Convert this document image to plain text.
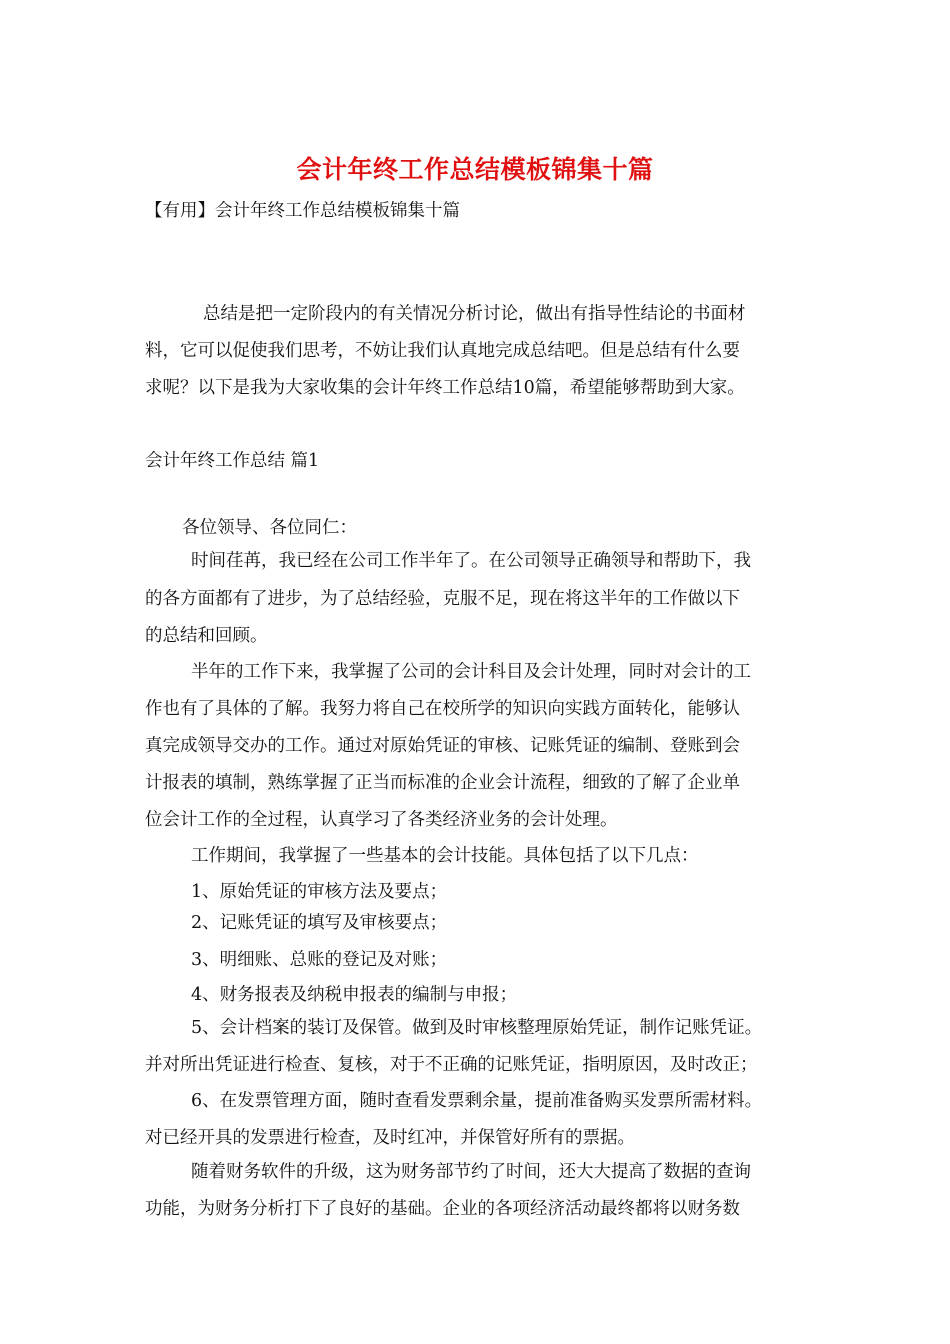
会计年终工作总结模板锦集十篇
【有用】会计年终工作总结模板锦集十篇
总结是把一定阶段内的有关情况分析讨论，做出有指导性结论的书面材
料，它可以促使我们思考，不妨让我们认真地完成总结吧。但是总结有什么要
求呢？以下是我为大家收集的会计年终工作总结10篇，希望能够帮助到大家。
会计年终工作总结 篇1
各位领导、各位同仁：
时间荏苒，我已经在公司工作半年了。在公司领导正确领导和帮助下，我
的各方面都有了进步，为了总结经验，克服不足，现在将这半年的工作做以下
的总结和回顾。
半年的工作下来，我掌握了公司的会计科目及会计处理，同时对会计的工
作也有了具体的了解。我努力将自己在校所学的知识向实践方面转化，能够认
真完成领导交办的工作。通过对原始凭证的审核、记账凭证的编制、登账到会
计报表的填制，熟练掌握了正当而标准的企业会计流程，细致的了解了企业单
位会计工作的全过程，认真学习了各类经济业务的会计处理。
工作期间，我掌握了一些基本的会计技能。具体包括了以下几点：
1、原始凭证的审核方法及要点；
2、记账凭证的填写及审核要点；
3、明细账、总账的登记及对账；
4、财务报表及纳税申报表的编制与申报；
5、会计档案的装订及保管。做到及时审核整理原始凭证，制作记账凭证。
并对所出凭证进行检查、复核，对于不正确的记账凭证，指明原因，及时改正；
6、在发票管理方面，随时查看发票剩余量，提前准备购买发票所需材料。
对已经开具的发票进行检查，及时红冲，并保管好所有的票据。
随着财务软件的升级，这为财务部节约了时间，还大大提高了数据的查询
功能，为财务分析打下了良好的基础。企业的各项经济活动最终都将以财务数
